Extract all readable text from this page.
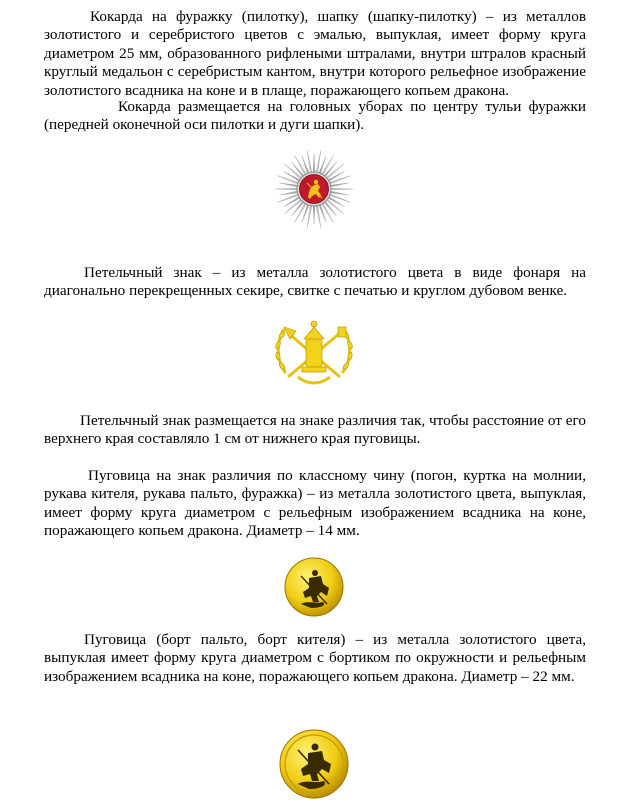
Кокарда на фуражку (пилотку), шапку (шапку-пилотку) – из металлов золотистого и серебристого цветов с эмалью, выпуклая, имеет форму круга диаметром 25 мм, образованного рифлеными штралами, внутри штралов красный круглый медальон с серебристым кантом, внутри которого рельефное изображение золотистого всадника на коне и в плаще, поражающего копьем дракона.

Кокарда размещается на головных уборах по центру тульи фуражки (передней оконечной оси пилотки и дуги шапки).

Петельчный знак – из металла золотистого цвета в виде фонаря на диагонально перекрещенных секире, свитке с печатью и круглом дубовом венке.

Петельчный знак размещается на знаке различия так, чтобы расстояние от его верхнего края составляло 1 см от нижнего края пуговицы.

Пуговица на знак различия по классному чину (погон, куртка на молнии, рукава кителя, рукава пальто, фуражка) – из металла золотистого цвета, выпуклая, имеет форму круга диаметром с рельефным изображением всадника на коне, поражающего копьем дракона. Диаметр – 14 мм.

Пуговица (борт пальто, борт кителя) – из металла золотистого цвета, выпуклая имеет форму круга диаметром с бортиком по окружности и рельефным изображением всадника на коне, поражающего копьем дракона. Диаметр – 22 мм.
